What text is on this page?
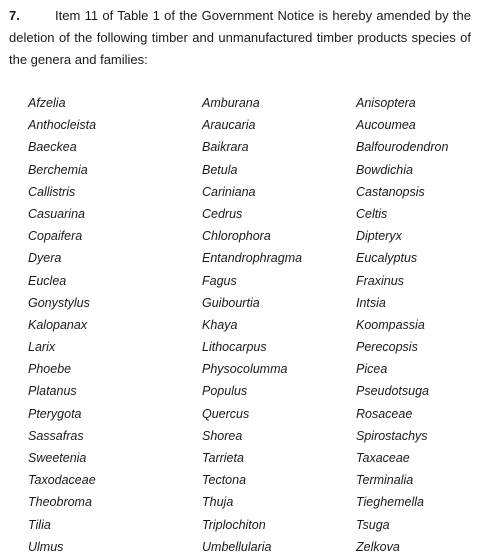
7.	Item 11 of Table 1 of the Government Notice is hereby amended by the deletion of the following timber and unmanufactured timber products species of the genera and families:
Afzelia
Anthocleista
Baeckea
Berchemia
Callistris
Casuarina
Copaifera
Dyera
Euclea
Gonystylus
Kalopanax
Larix
Phoebe
Platanus
Pterygota
Sassafras
Sweetenia
Taxodaceae
Theobroma
Tilia
Ulmus
Amburana
Araucaria
Baikrara
Betula
Cariniana
Cedrus
Chlorophora
Entandrophragma
Fagus
Guibourtia
Khaya
Lithocarpus
Physocolumma
Populus
Quercus
Shorea
Tarrieta
Tectona
Thuja
Triplochiton
Umbellularia
Anisoptera
Aucoumea
Balfourodendron
Bowdichia
Castanopsis
Celtis
Dipteryx
Eucalyptus
Fraxinus
Intsia
Koompassia
Perecopsis
Picea
Pseudotsuga
Rosaceae
Spirostachys
Taxaceae
Terminalia
Tieghemella
Tsuga
Zelkova
